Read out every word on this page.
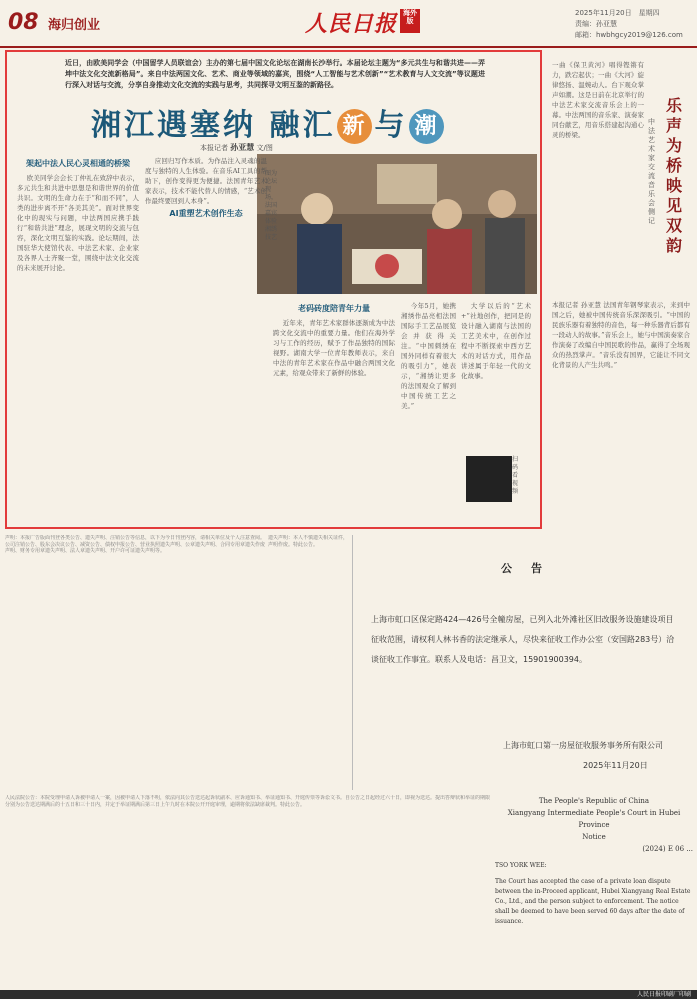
08 海归创业	人民日报 海外版
2025年11月20日　星期四
责编：孙亚慧
邮箱：hwbhgcy2019@126.com
近日，由欧美同学会（中国留学人员联谊会）主办的第七届中国文化论坛在湖南长沙举行。本届论坛主题为“多元共生与和谐共进——弄坤中法文化交流新格局”。来自中法两国文化、艺术、商业等领域的嘉宾，围绕“人工智能与艺术创新”“艺术教育与人文交流”等议题进行深入对话与交流，分享自身推动文化交流的实践与思考，共同探寻文明互鉴的新路径。
湘江遇塞纳 融汇 新 与 潮
本报记者 孙亚慧 文/图
图为论坛现场，法国嘉宾体验湘绣技艺
架起中法人民心灵相通的桥梁

欧美同学会会长丁仲礼在致辞中表示，多元共生和共进中思想是和谐世界的价值共识。文明的生命力在于“和而不同”，人类的进步离不开“各美其美”。面对世界变化中的现实与问题，中法两国应携手践行“和谐共进”理念，展现文明的交流与包容，深化文明互鉴的实践。论坛期间，法国驻华大使馆代表、中法艺术家、企业家及各界人士齐聚一堂，围绕中法文化交流的未来展开讨论。

应回归写作本质。为作品注入灵魂的温度与独特的人生体验。在音乐AI工具的帮助下，创作变得更为便捷。法国青年艺术家表示，技术不能代替人的情感，“艺术创作最终要回到人本身”。

AI重塑艺术创作生态
老码砖度陪青年力量

近年来，青年艺术家群体逐渐成为中法跨文化交流中的重要力量。他们在海外学习与工作的经历，赋予了作品独特的国际视野。湖南大学一位青年教师表示，来自中法的青年艺术家在作品中融合两国文化元素，给观众带来了新鲜的体验。

今年5月，她携湘绣作品亮相法国国际手工艺品展览会并获得关注。“中国刺绣在国外同样有着很大的吸引力”，她表示，“湘绣让更多的法国观众了解到中国传统工艺之美。”

大学以后的“艺术+”社地创作，把同是的设计融入湖南与法国的工艺美术中，在创作过程中不断探索中西方艺术的对话方式，用作品讲述属于年轻一代的文化故事。

扫码看视频
一曲《保卫黄河》唱得铿锵有力，跌宕起伏；一曲《大河》旋律悠扬、温婉动人。台下观众掌声如潮。这是日前在北京举行的中法艺术家交流音乐会上的一幕。中法两国的音乐家、演奏家同台献艺，用音乐搭建起沟通心灵的桥梁。
乐声为桥 映见双韵
中法艺术家交流音乐会侧记
本报记者 孙亚慧 法国青年钢琴家表示，来到中国之后，她被中国传统音乐深深吸引。“中国的民族乐器有着独特的音色，每一种乐器背后都有一段动人的故事。”音乐会上，她与中国演奏家合作演奏了改编自中国民歌的作品，赢得了全场观众的热烈掌声。“音乐没有国界，它能让不同文化背景的人产生共鸣。”
声明：本报广告版面刊登各类公告、遗失声明、注销公告等信息，以下为今日刊登内容，请相关单位及个人注意查阅。公司注销公告、股东会决议公告、减资公告、债权申报公告、营业执照遗失声明、公章遗失声明、合同专用章遗失作废声明、财务专用章遗失声明、法人章遗失声明、开户许可证遗失声明等。
遗失声明：本人不慎遗失相关证件，声明作废。特此公告。
公　告
上海市虹口区保定路424—426号全幢房屋，已列入北外滩社区旧改服务设施建设项目征收范围，请权利人林书香的法定继承人，尽快来征收工作办公室（安国路283号）洽谈征收工作事宜。联系人及电话：昌卫文，15901900394。
上海市虹口第一房屋征收服务事务所有限公司
2025年11月20日
人民法院公告：本院受理申请人诉被申请人一案，因被申请人下落不明，依法向其公告送达起诉状副本、应诉通知书、举证通知书、开庭传票等诉讼文书。自公告之日起经过六十日，即视为送达。提出答辩状和举证的期限分别为公告送达期满后的十五日和三十日内，并定于举证期满后第三日上午九时在本院公开开庭审理，逾期将依法缺席裁判。特此公告。	The People's Republic of China
Xiangyang Intermediate People's Court in Hubei Province
Notice
(2024) E 06 ...
TSO YORK WEE:
The Court has accepted the case of a private loan dispute between the in-Proceed applicant, Hubei Xiangyang Real Estate Co., Ltd., and the person subject to enforcement. The notice shall be deemed to have been served 60 days after the date of issuance.
人民日报印刷厂印刷
